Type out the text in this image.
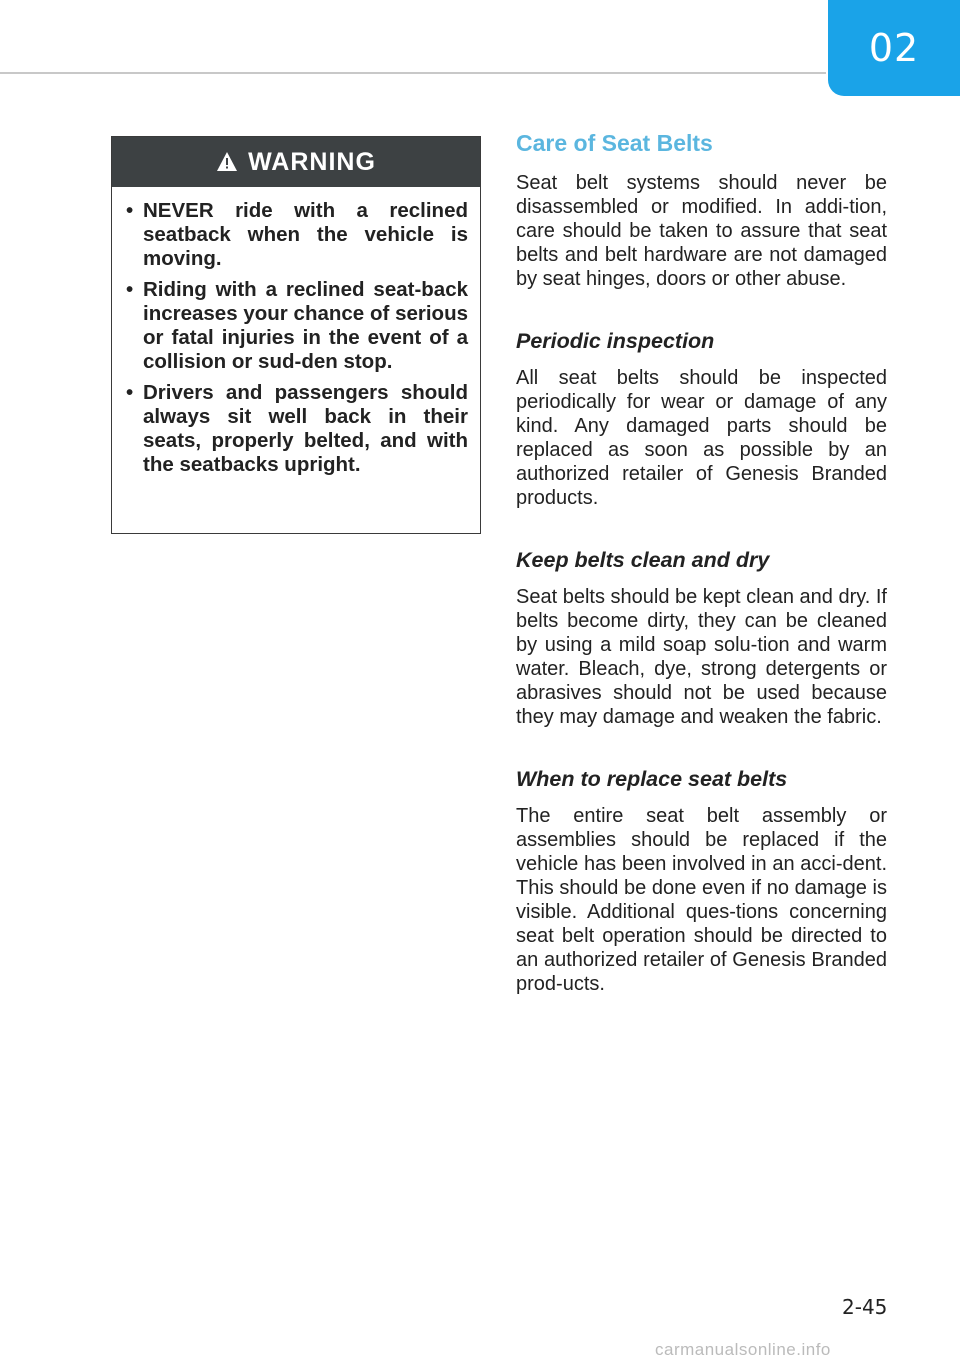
02
WARNING
• NEVER ride with a reclined seatback when the vehicle is moving.
• Riding with a reclined seat-back increases your chance of serious or fatal injuries in the event of a collision or sud-den stop.
• Drivers and passengers should always sit well back in their seats, properly belted, and with the seatbacks upright.
Care of Seat Belts

Seat belt systems should never be disassembled or modified. In addi-tion, care should be taken to assure that seat belts and belt hardware are not damaged by seat hinges, doors or other abuse.

Periodic inspection

All seat belts should be inspected periodically for wear or damage of any kind. Any damaged parts should be replaced as soon as possible by an authorized retailer of Genesis Branded products.

Keep belts clean and dry

Seat belts should be kept clean and dry. If belts become dirty, they can be cleaned by using a mild soap solu-tion and warm water. Bleach, dye, strong detergents or abrasives should not be used because they may damage and weaken the fabric.

When to replace seat belts

The entire seat belt assembly or assemblies should be replaced if the vehicle has been involved in an acci-dent. This should be done even if no damage is visible. Additional ques-tions concerning seat belt operation should be directed to an authorized retailer of Genesis Branded prod-ucts.

2-45
carmanualsonline.info
